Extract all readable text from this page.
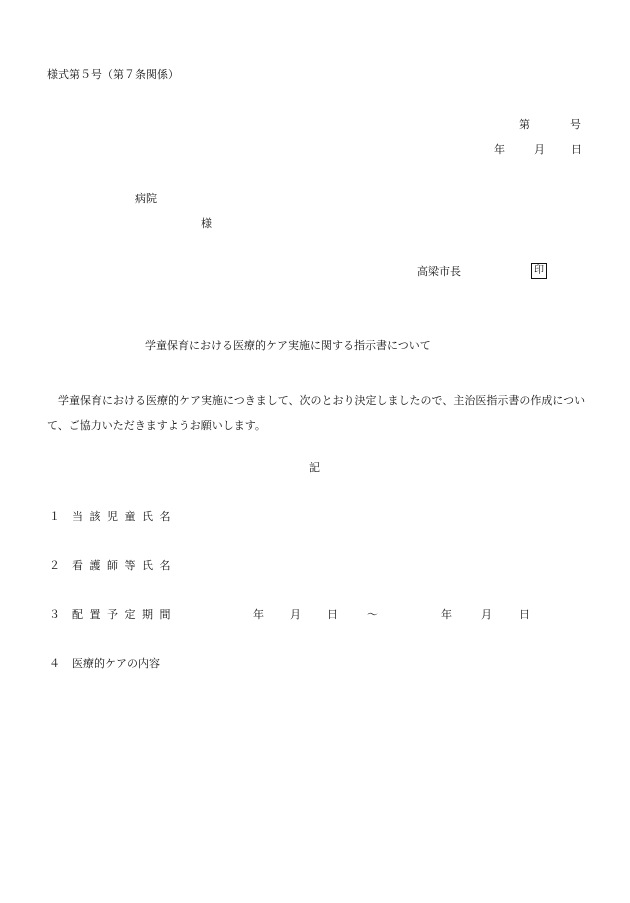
様式第５号（第７条関係）
第	号
年	月 日
病院
様
高梁市長	印
学童保育における医療的ケア実施に関する指示書について
学童保育における医療的ケア実施につきまして、次のとおり決定しましたので、主治医指示書の作成について、ご協力いただきますようお願いします。
記
１ 当該児童氏名
２ 看護師等氏名
３ 配置予定期間	年 月 日	～	年	月 日
４ 医療的ケアの内容
